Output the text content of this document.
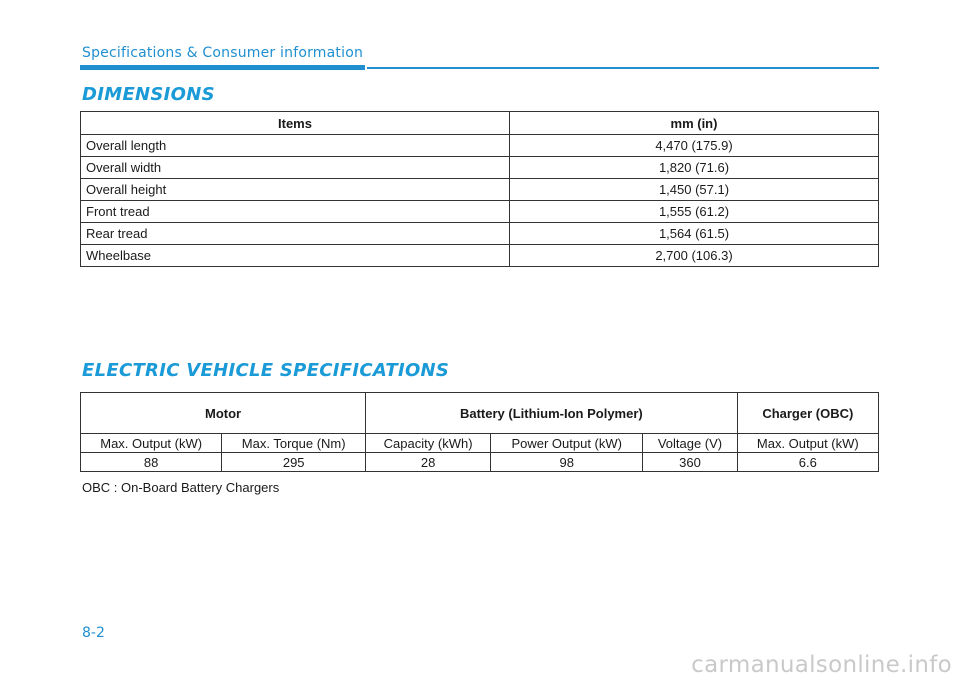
Specifications & Consumer information
DIMENSIONS
Items	mm (in)
Overall length	4,470 (175.9)
Overall width	1,820 (71.6)
Overall height	1,450 (57.1)
Front tread	1,555 (61.2)
Rear tread	1,564 (61.5)
Wheelbase	2,700 (106.3)
ELECTRIC VEHICLE SPECIFICATIONS
Motor		Battery (Lithium-Ion Polymer)			Charger (OBC)
Max. Output (kW)	Max. Torque (Nm)	Capacity (kWh)	Power Output (kW)	Voltage (V)	Max. Output (kW)
88	295	28	98	360	6.6
OBC : On-Board Battery Chargers
8-2
carmanualsonline.info
